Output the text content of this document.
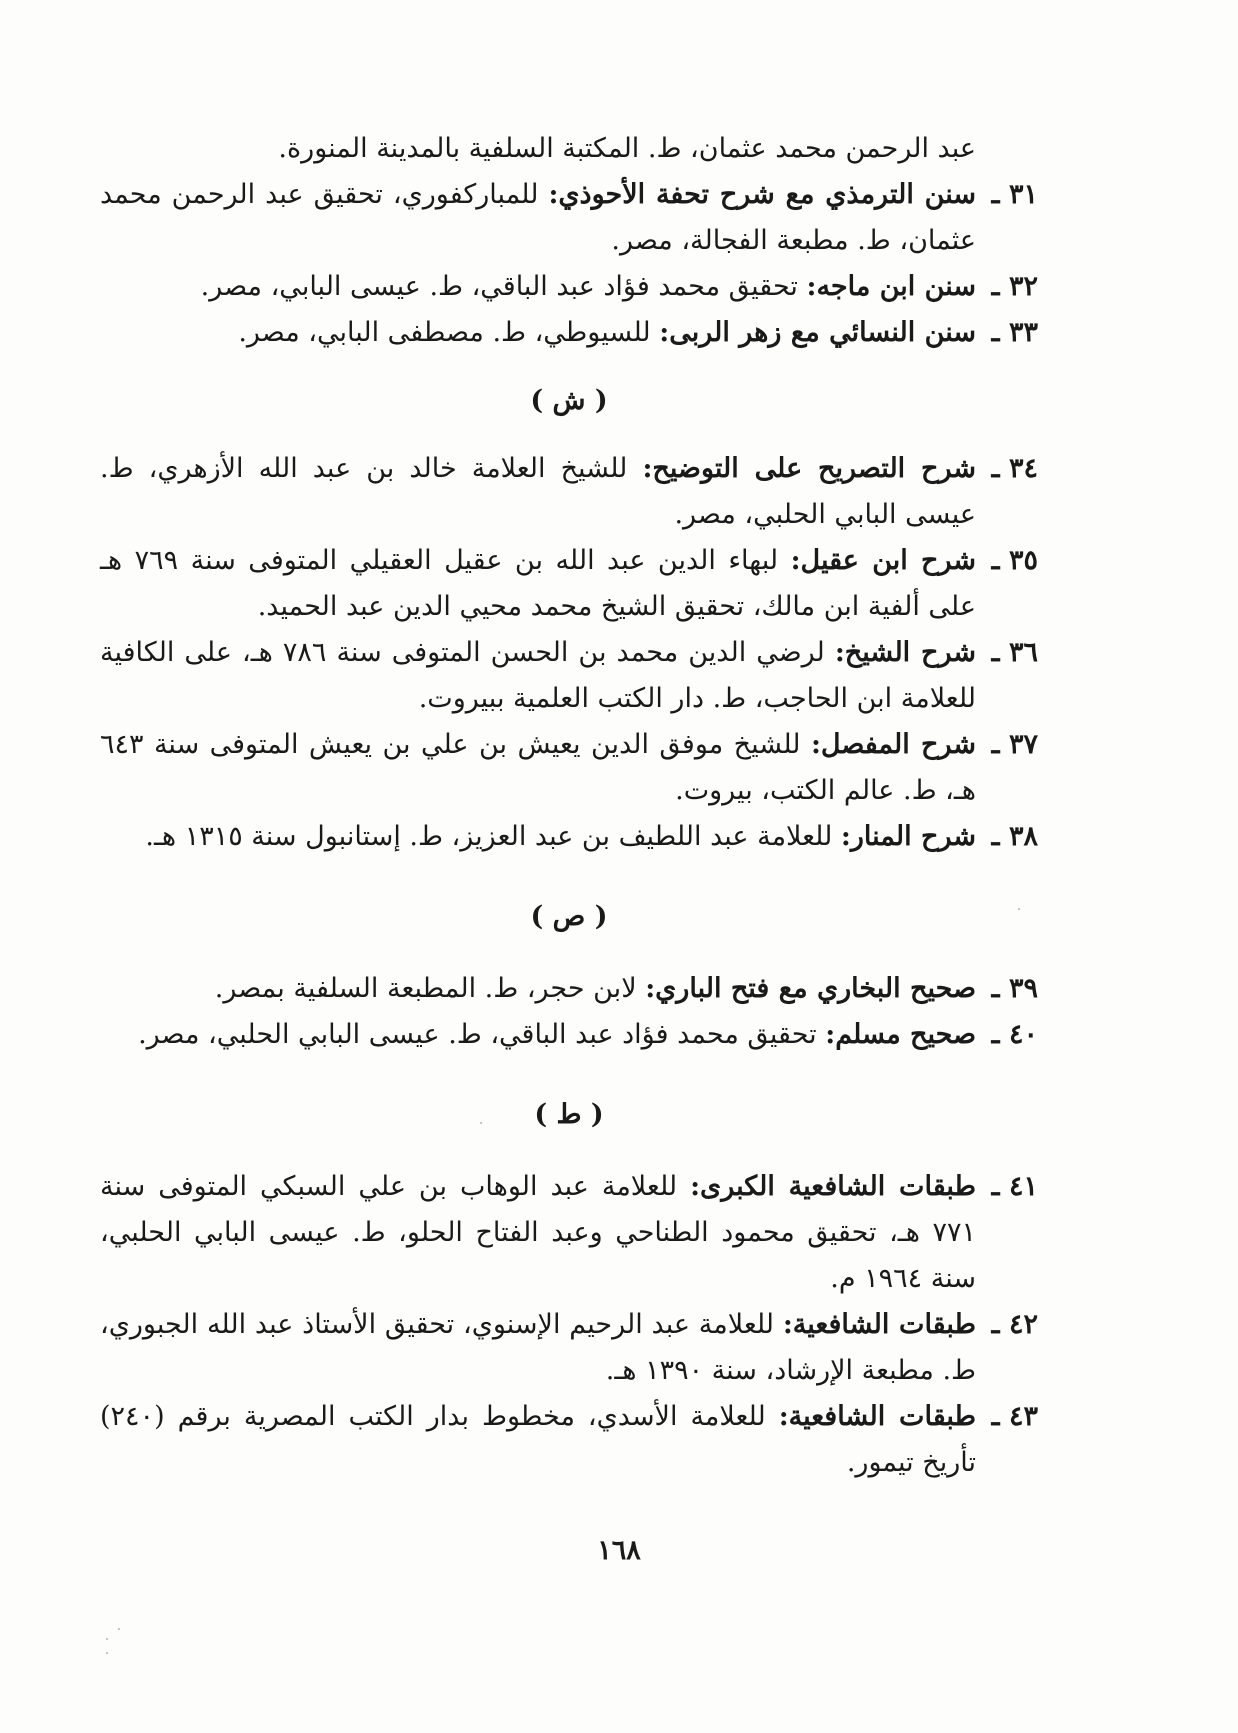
عبد الرحمن محمد عثمان، ط. المكتبة السلفية بالمدينة المنورة.

٣١ ـ
سنن الترمذي مع شرح تحفة الأحوذي: للمباركفوري، تحقيق عبد الرحمن محمد عثمان، ط. مطبعة الفجالة، مصر.

٣٢ ـ
سنن ابن ماجه: تحقيق محمد فؤاد عبد الباقي، ط. عيسى البابي، مصر.

٣٣ ـ
سنن النسائي مع زهر الربى: للسيوطي، ط. مصطفى البابي، مصر.

( ش )

٣٤ ـ
شرح التصريح على التوضيح: للشيخ العلامة خالد بن عبد الله الأزهري، ط. عيسى البابي الحلبي، مصر.

٣٥ ـ
شرح ابن عقيل: لبهاء الدين عبد الله بن عقيل العقيلي المتوفى سنة ٧٦٩ هـ على ألفية ابن مالك، تحقيق الشيخ محمد محيي الدين عبد الحميد.

٣٦ ـ
شرح الشيخ: لرضي الدين محمد بن الحسن المتوفى سنة ٧٨٦ هـ، على الكافية للعلامة ابن الحاجب، ط. دار الكتب العلمية ببيروت.

٣٧ ـ
شرح المفصل: للشيخ موفق الدين يعيش بن علي بن يعيش المتوفى سنة ٦٤٣ هـ، ط. عالم الكتب، بيروت.

٣٨ ـ
شرح المنار: للعلامة عبد اللطيف بن عبد العزيز، ط. إستانبول سنة ١٣١٥ هـ.

( ص )

٣٩ ـ
صحيح البخاري مع فتح الباري: لابن حجر، ط. المطبعة السلفية بمصر.

٤٠ ـ
صحيح مسلم: تحقيق محمد فؤاد عبد الباقي، ط. عيسى البابي الحلبي، مصر.

( ط )

٤١ ـ
طبقات الشافعية الكبرى: للعلامة عبد الوهاب بن علي السبكي المتوفى سنة ٧٧١ هـ، تحقيق محمود الطناحي وعبد الفتاح الحلو، ط. عيسى البابي الحلبي، سنة ١٩٦٤ م.

٤٢ ـ
طبقات الشافعية: للعلامة عبد الرحيم الإسنوي، تحقيق الأستاذ عبد الله الجبوري، ط. مطبعة الإرشاد، سنة ١٣٩٠ هـ.

٤٣ ـ
طبقات الشافعية: للعلامة الأسدي، مخطوط بدار الكتب المصرية برقم (٢٤٠) تأريخ تيمور.

١٦٨
